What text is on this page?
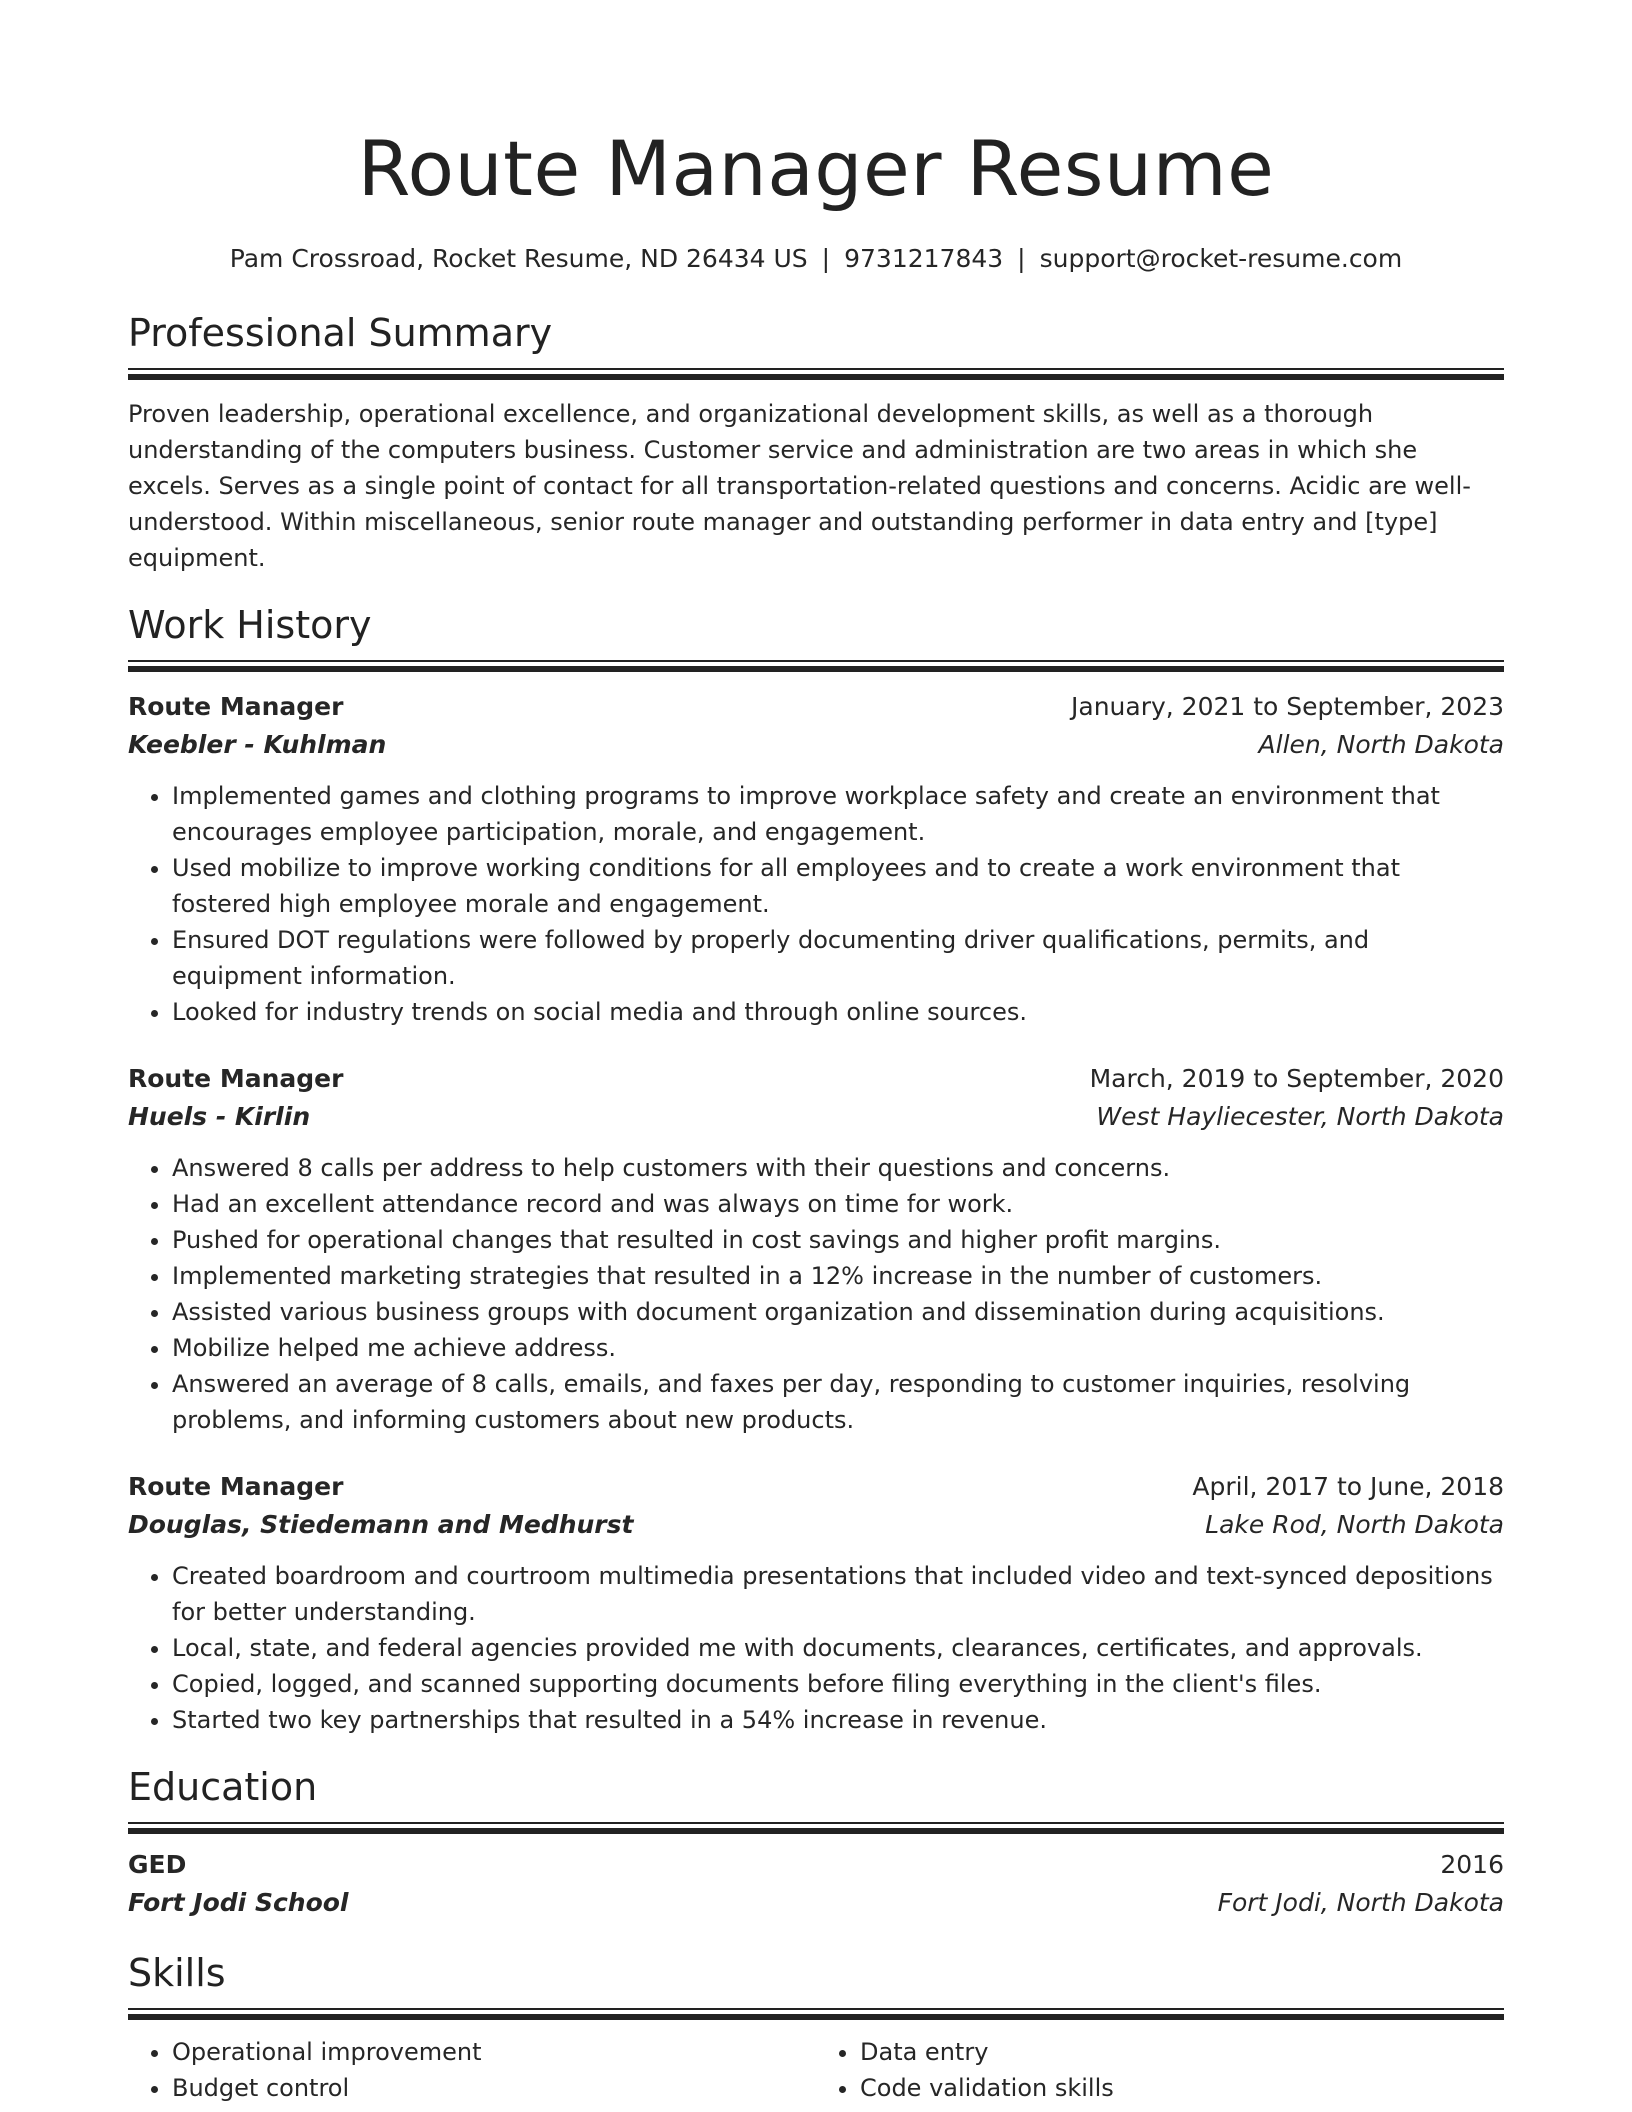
Route Manager Resume
Pam Crossroad, Rocket Resume, ND 26434 US | 9731217843 | support@rocket-resume.com
Professional Summary

Proven leadership, operational excellence, and organizational development skills, as well as a thorough understanding of the computers business. Customer service and administration are two areas in which she excels. Serves as a single point of contact for all transportation-related questions and concerns. Acidic are well-understood. Within miscellaneous, senior route manager and outstanding performer in data entry and [type] equipment.

Work History
Route Manager	January, 2021 to September, 2023
Keebler - Kuhlman	Allen, North Dakota
• Implemented games and clothing programs to improve workplace safety and create an environment that encourages employee participation, morale, and engagement.
• Used mobilize to improve working conditions for all employees and to create a work environment that fostered high employee morale and engagement.
• Ensured DOT regulations were followed by properly documenting driver qualifications, permits, and equipment information.
• Looked for industry trends on social media and through online sources.
Route Manager	March, 2019 to September, 2020
Huels - Kirlin	West Hayliecester, North Dakota
• Answered 8 calls per address to help customers with their questions and concerns.
• Had an excellent attendance record and was always on time for work.
• Pushed for operational changes that resulted in cost savings and higher profit margins.
• Implemented marketing strategies that resulted in a 12% increase in the number of customers.
• Assisted various business groups with document organization and dissemination during acquisitions.
• Mobilize helped me achieve address.
• Answered an average of 8 calls, emails, and faxes per day, responding to customer inquiries, resolving problems, and informing customers about new products.
Route Manager	April, 2017 to June, 2018
Douglas, Stiedemann and Medhurst	Lake Rod, North Dakota
• Created boardroom and courtroom multimedia presentations that included video and text-synced depositions for better understanding.
• Local, state, and federal agencies provided me with documents, clearances, certificates, and approvals.
• Copied, logged, and scanned supporting documents before filing everything in the client's files.
• Started two key partnerships that resulted in a 54% increase in revenue.
Education
GED	2016
Fort Jodi School	Fort Jodi, North Dakota
Skills
• Operational improvement
• Budget control
• Data entry
• Code validation skills
